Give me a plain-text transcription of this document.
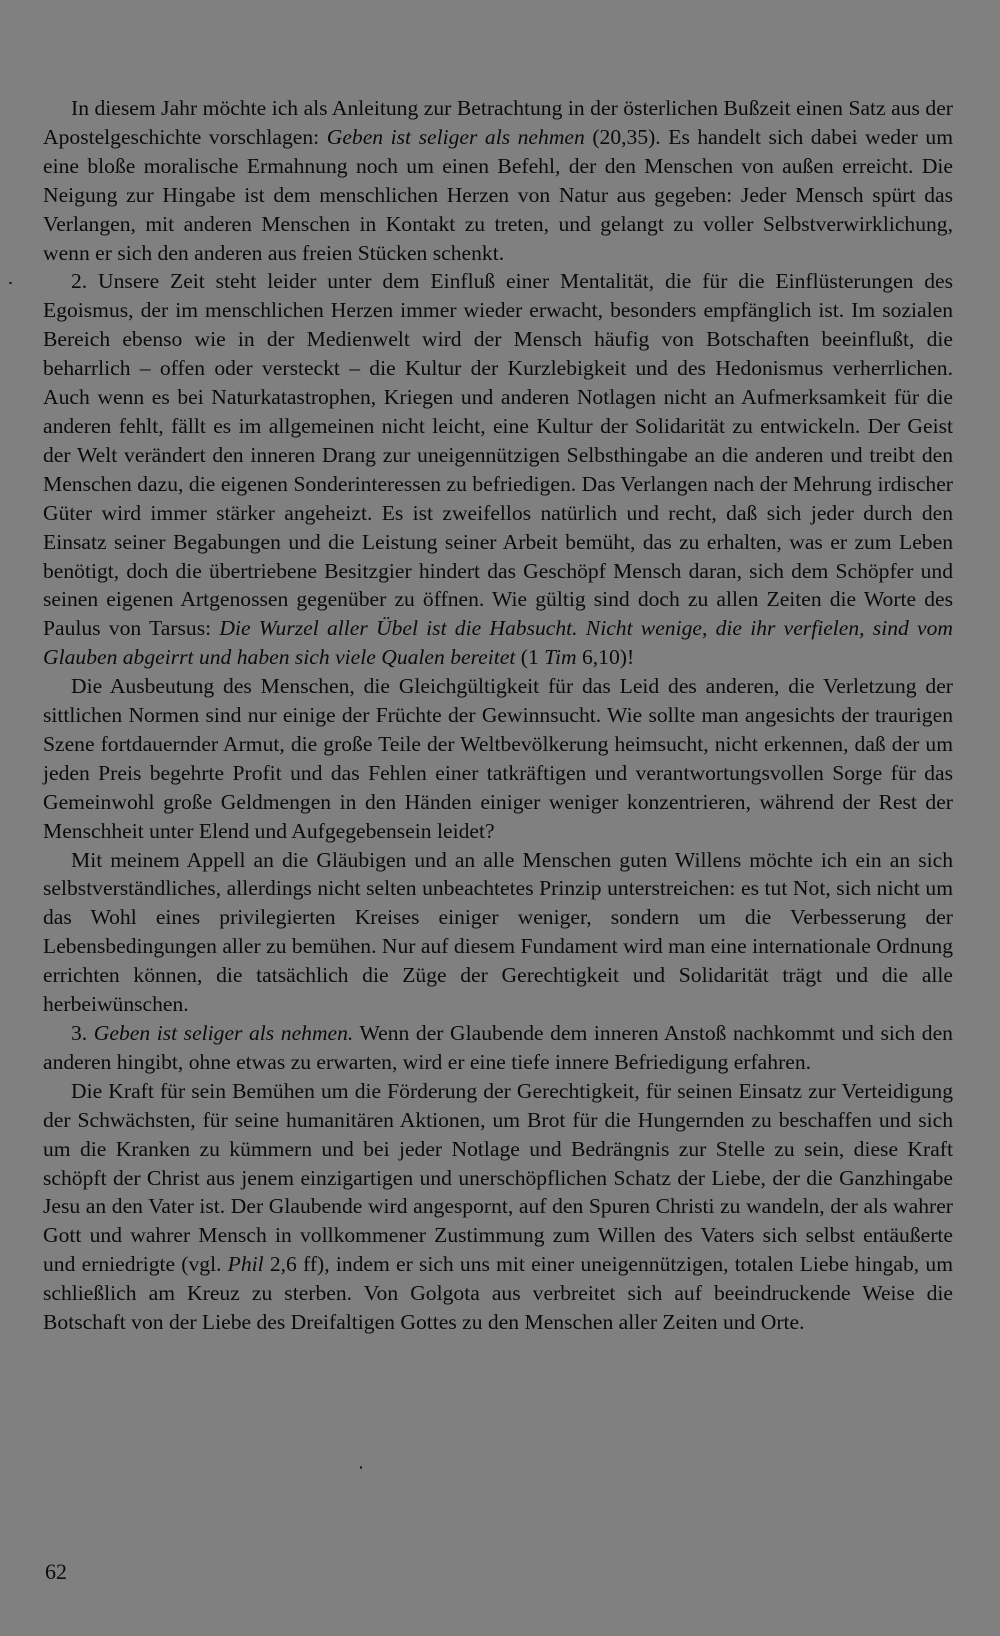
In diesem Jahr möchte ich als Anleitung zur Betrachtung in der österlichen Bußzeit einen Satz aus der Apostelgeschichte vorschlagen: Geben ist seliger als nehmen (20,35). Es handelt sich dabei weder um eine bloße moralische Ermahnung noch um einen Befehl, der den Menschen von außen erreicht. Die Neigung zur Hingabe ist dem menschlichen Herzen von Natur aus gegeben: Jeder Mensch spürt das Verlangen, mit anderen Menschen in Kontakt zu treten, und gelangt zu voller Selbstverwirklichung, wenn er sich den anderen aus freien Stücken schenkt.

2. Unsere Zeit steht leider unter dem Einfluß einer Mentalität, die für die Einflüsterungen des Egoismus, der im menschlichen Herzen immer wieder erwacht, besonders empfänglich ist. Im sozialen Bereich ebenso wie in der Medienwelt wird der Mensch häufig von Botschaften beeinflußt, die beharrlich – offen oder versteckt – die Kultur der Kurzlebigkeit und des Hedonismus verherrlichen. Auch wenn es bei Naturkatastrophen, Kriegen und anderen Notlagen nicht an Aufmerksamkeit für die anderen fehlt, fällt es im allgemeinen nicht leicht, eine Kultur der Solidarität zu entwickeln. Der Geist der Welt verändert den inneren Drang zur uneigennützigen Selbsthingabe an die anderen und treibt den Menschen dazu, die eigenen Sonderinteressen zu befriedigen. Das Verlangen nach der Mehrung irdischer Güter wird immer stärker angeheizt. Es ist zweifellos natürlich und recht, daß sich jeder durch den Einsatz seiner Begabungen und die Leistung seiner Arbeit bemüht, das zu erhalten, was er zum Leben benötigt, doch die übertriebene Besitzgier hindert das Geschöpf Mensch daran, sich dem Schöpfer und seinen eigenen Artgenossen gegenüber zu öffnen. Wie gültig sind doch zu allen Zeiten die Worte des Paulus von Tarsus: Die Wurzel aller Übel ist die Habsucht. Nicht wenige, die ihr verfielen, sind vom Glauben abgeirrt und haben sich viele Qualen bereitet (1 Tim 6,10)!

Die Ausbeutung des Menschen, die Gleichgültigkeit für das Leid des anderen, die Verletzung der sittlichen Normen sind nur einige der Früchte der Gewinnsucht. Wie sollte man angesichts der traurigen Szene fortdauernder Armut, die große Teile der Weltbevölkerung heimsucht, nicht erkennen, daß der um jeden Preis begehrte Profit und das Fehlen einer tatkräftigen und verantwortungsvollen Sorge für das Gemeinwohl große Geldmengen in den Händen einiger weniger konzentrieren, während der Rest der Menschheit unter Elend und Aufgegebensein leidet?

Mit meinem Appell an die Gläubigen und an alle Menschen guten Willens möchte ich ein an sich selbstverständliches, allerdings nicht selten unbeachtetes Prinzip unterstreichen: es tut Not, sich nicht um das Wohl eines privilegierten Kreises einiger weniger, sondern um die Verbesserung der Lebensbedingungen aller zu bemühen. Nur auf diesem Fundament wird man eine internationale Ordnung errichten können, die tatsächlich die Züge der Gerechtigkeit und Solidarität trägt und die alle herbeiwünschen.

3. Geben ist seliger als nehmen. Wenn der Glaubende dem inneren Anstoß nachkommt und sich den anderen hingibt, ohne etwas zu erwarten, wird er eine tiefe innere Befriedigung erfahren.

Die Kraft für sein Bemühen um die Förderung der Gerechtigkeit, für seinen Einsatz zur Verteidigung der Schwächsten, für seine humanitären Aktionen, um Brot für die Hungernden zu beschaffen und sich um die Kranken zu kümmern und bei jeder Notlage und Bedrängnis zur Stelle zu sein, diese Kraft schöpft der Christ aus jenem einzigartigen und unerschöpflichen Schatz der Liebe, der die Ganzhingabe Jesu an den Vater ist. Der Glaubende wird angespornt, auf den Spuren Christi zu wandeln, der als wahrer Gott und wahrer Mensch in vollkommener Zustimmung zum Willen des Vaters sich selbst entäußerte und erniedrigte (vgl. Phil 2,6 ff), indem er sich uns mit einer uneigennützigen, totalen Liebe hingab, um schließlich am Kreuz zu sterben. Von Golgota aus verbreitet sich auf beeindruckende Weise die Botschaft von der Liebe des Dreifaltigen Gottes zu den Menschen aller Zeiten und Orte.

62
